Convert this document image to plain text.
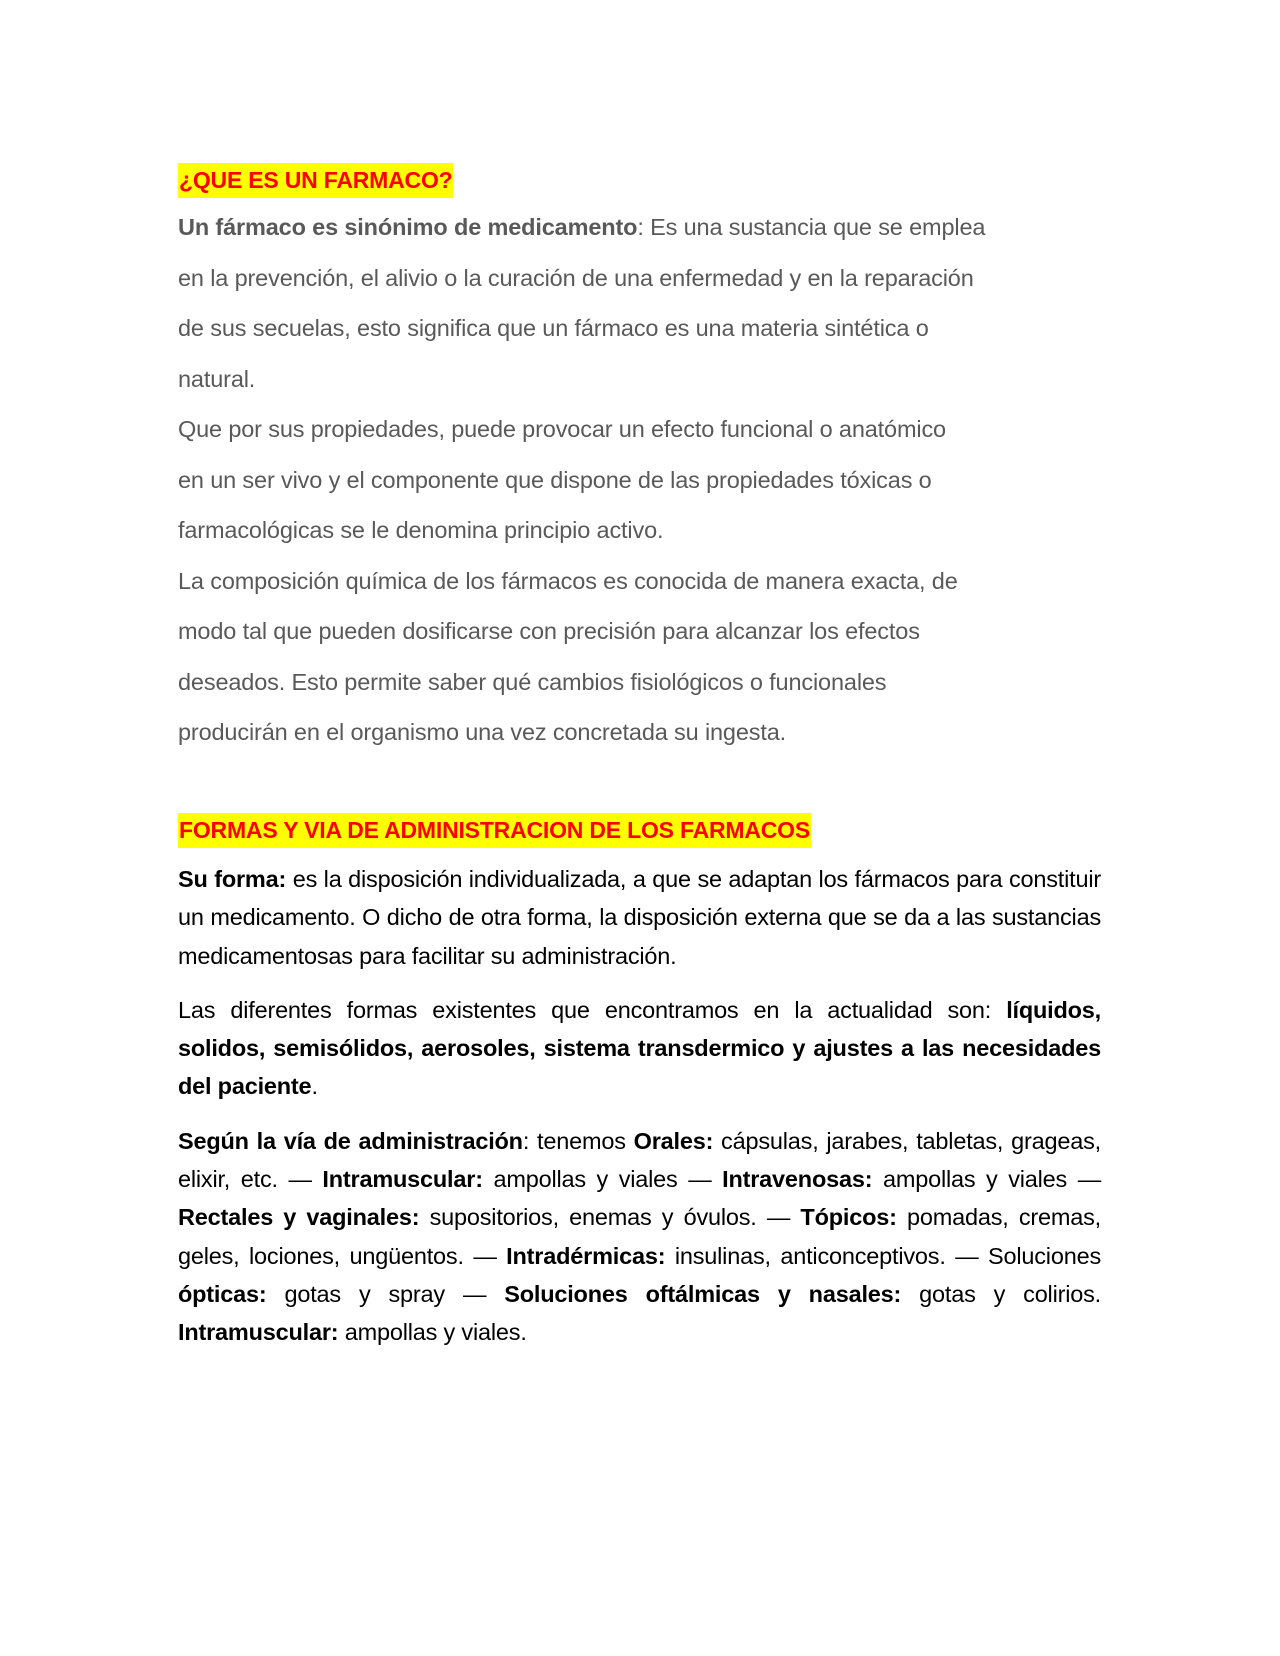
¿QUE ES UN FARMACO?

Un fármaco es sinónimo de medicamento: Es una sustancia que se emplea
en la prevención, el alivio o la curación de una enfermedad y en la reparación
de sus secuelas, esto significa que un fármaco es una materia sintética o
natural.

Que por sus propiedades, puede provocar un efecto funcional o anatómico
en un ser vivo y el componente que dispone de las propiedades tóxicas o
farmacológicas se le denomina principio activo.

La composición química de los fármacos es conocida de manera exacta, de
modo tal que pueden dosificarse con precisión para alcanzar los efectos
deseados. Esto permite saber qué cambios fisiológicos o funcionales
producirán en el organismo una vez concretada su ingesta.

FORMAS Y VIA DE ADMINISTRACION DE LOS FARMACOS

Su forma: es la disposición individualizada, a que se adaptan los fármacos para constituir un medicamento. O dicho de otra forma, la disposición externa que se da a las sustancias medicamentosas para facilitar su administración.

Las diferentes formas existentes que encontramos en la actualidad son: líquidos, solidos, semisólidos, aerosoles, sistema transdermico y ajustes a las necesidades del paciente.

Según la vía de administración: tenemos Orales: cápsulas, jarabes, tabletas, grageas, elixir, etc. — Intramuscular: ampollas y viales — Intravenosas: ampollas y viales — Rectales y vaginales: supositorios, enemas y óvulos. — Tópicos: pomadas, cremas, geles, lociones, ungüentos. — Intradérmicas: insulinas, anticonceptivos. — Soluciones ópticas: gotas y spray — Soluciones oftálmicas y nasales: gotas y colirios. Intramuscular: ampollas y viales.
